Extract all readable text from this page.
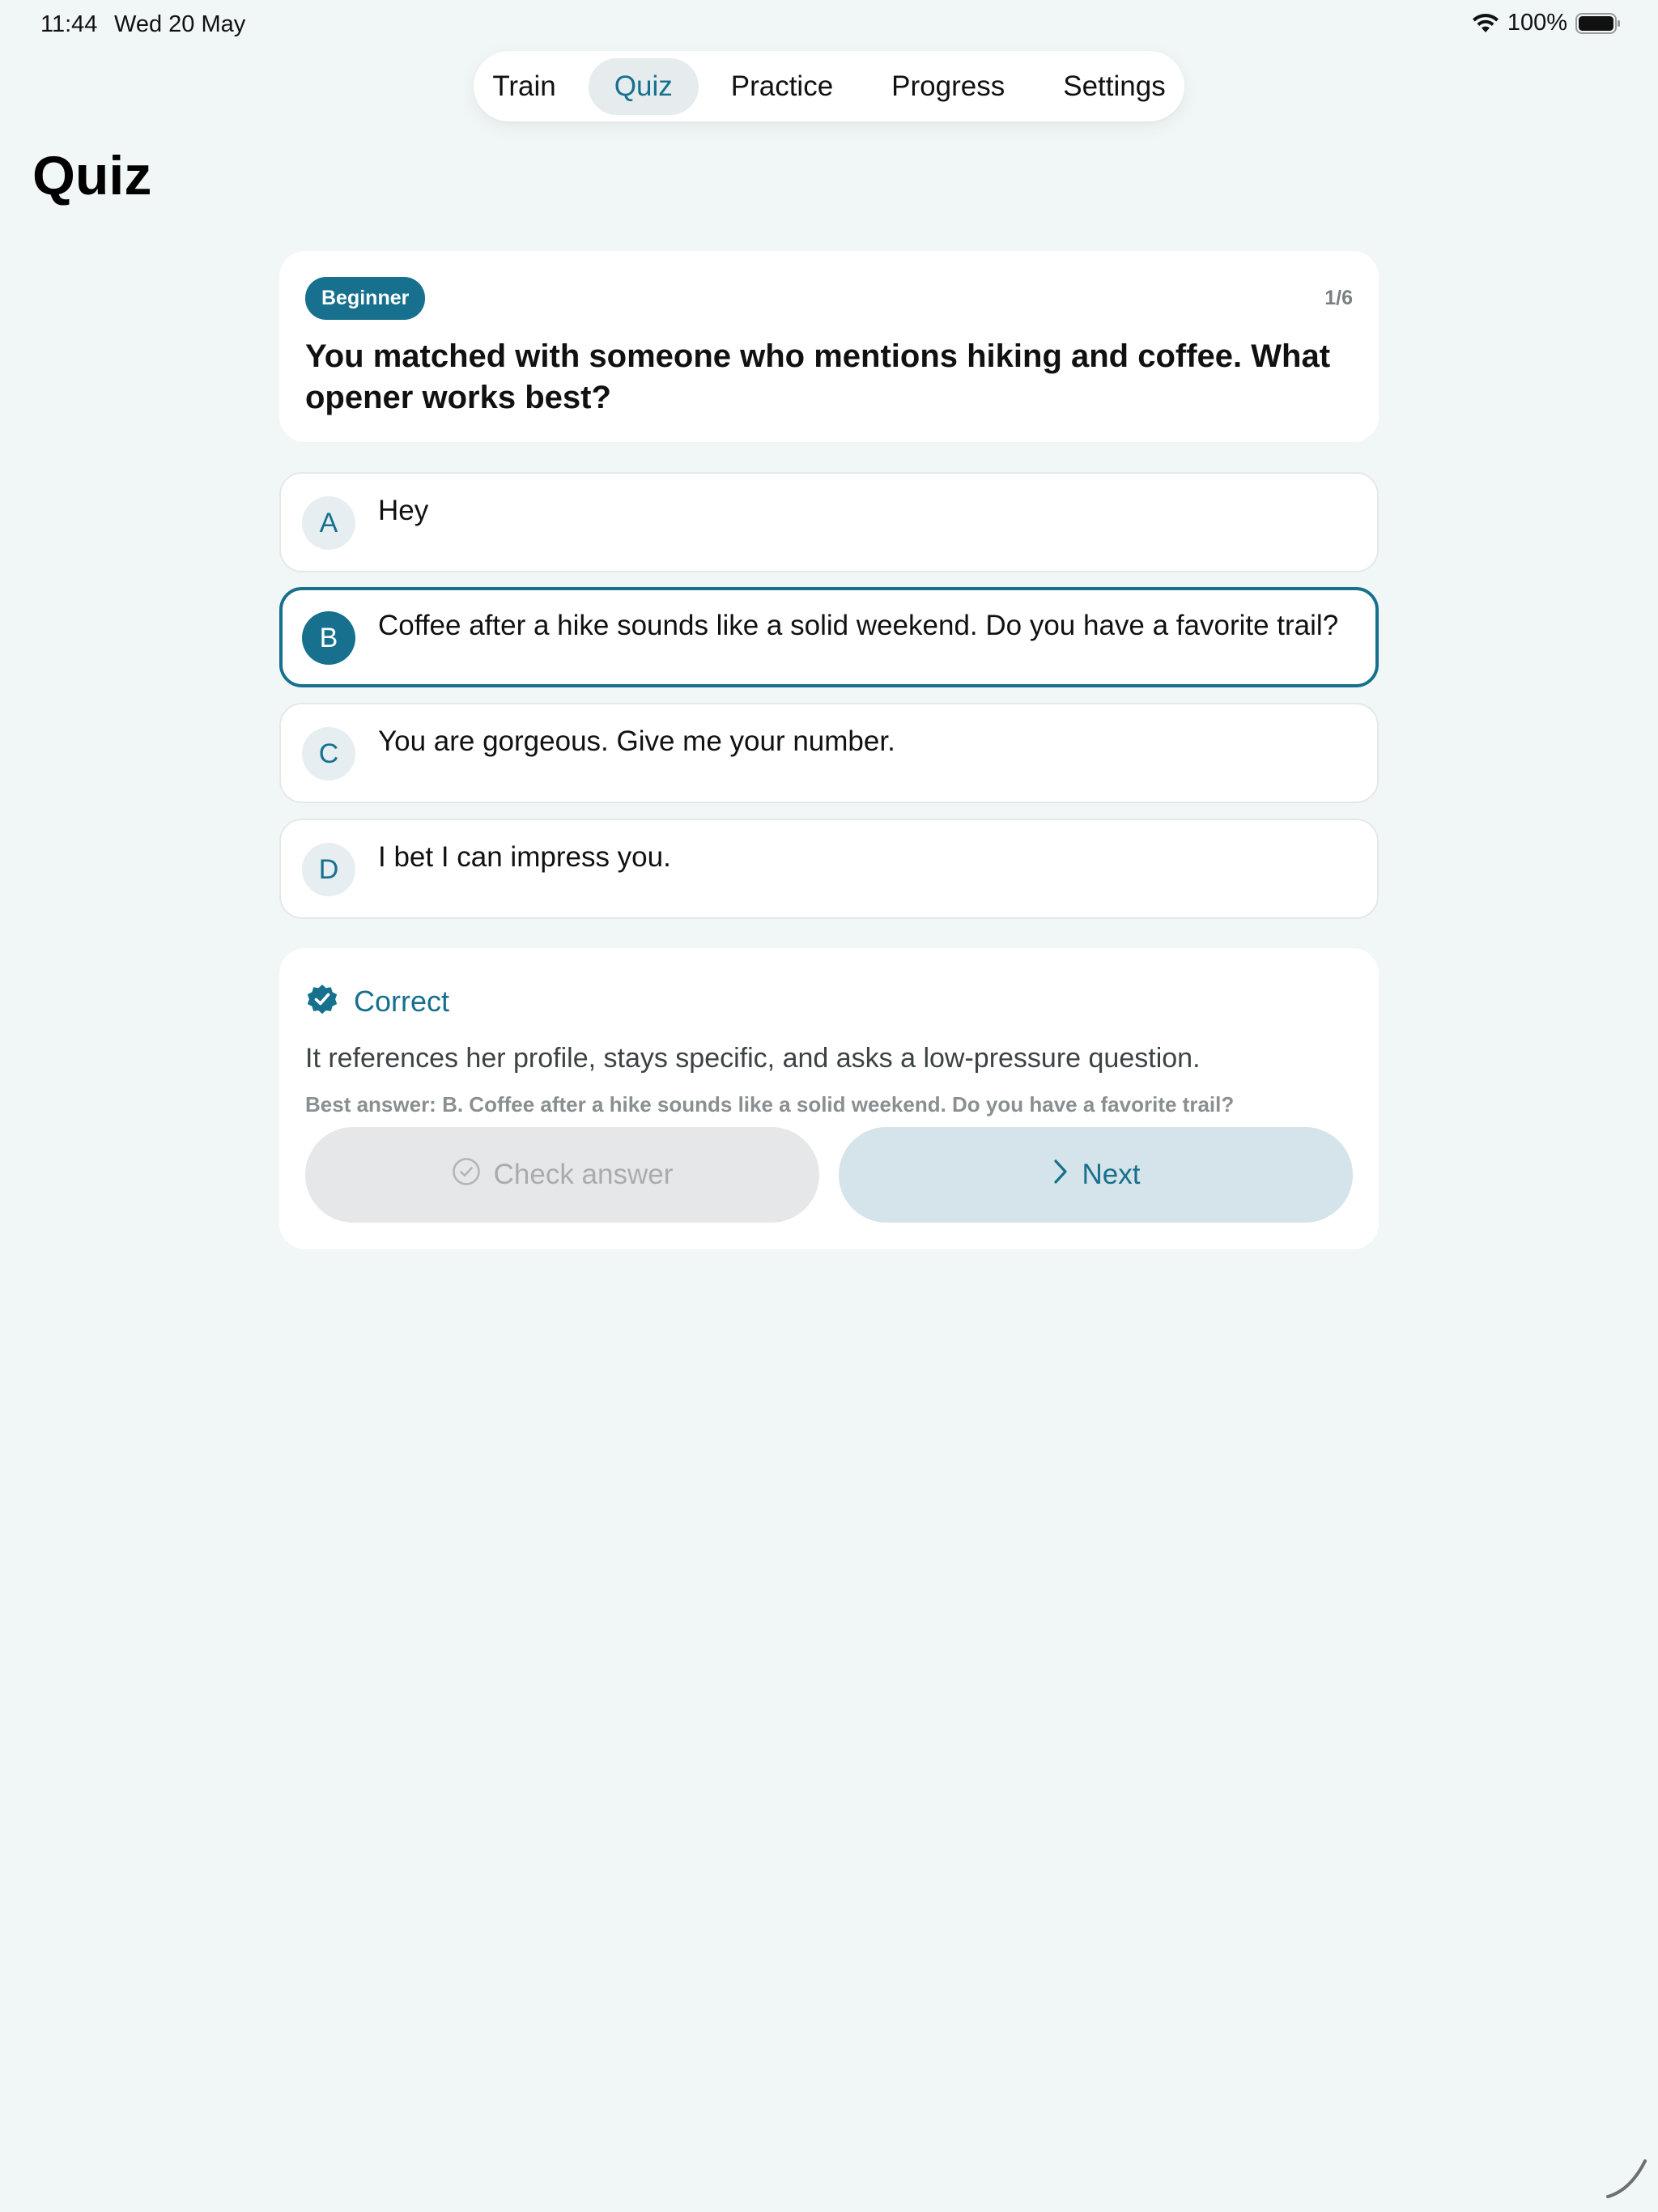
11:44 Wed 20 May	100%
Train	Quiz	Practice	Progress	Settings
Quiz
Beginner	1/6
You matched with someone who mentions hiking and coffee. What opener works best?
A	Hey
B	Coffee after a hike sounds like a solid weekend. Do you have a favorite trail?
C	You are gorgeous. Give me your number.
D	I bet I can impress you.
Correct
It references her profile, stays specific, and asks a low-pressure question.
Best answer: B. Coffee after a hike sounds like a solid weekend. Do you have a favorite trail?
Check answer	Next
